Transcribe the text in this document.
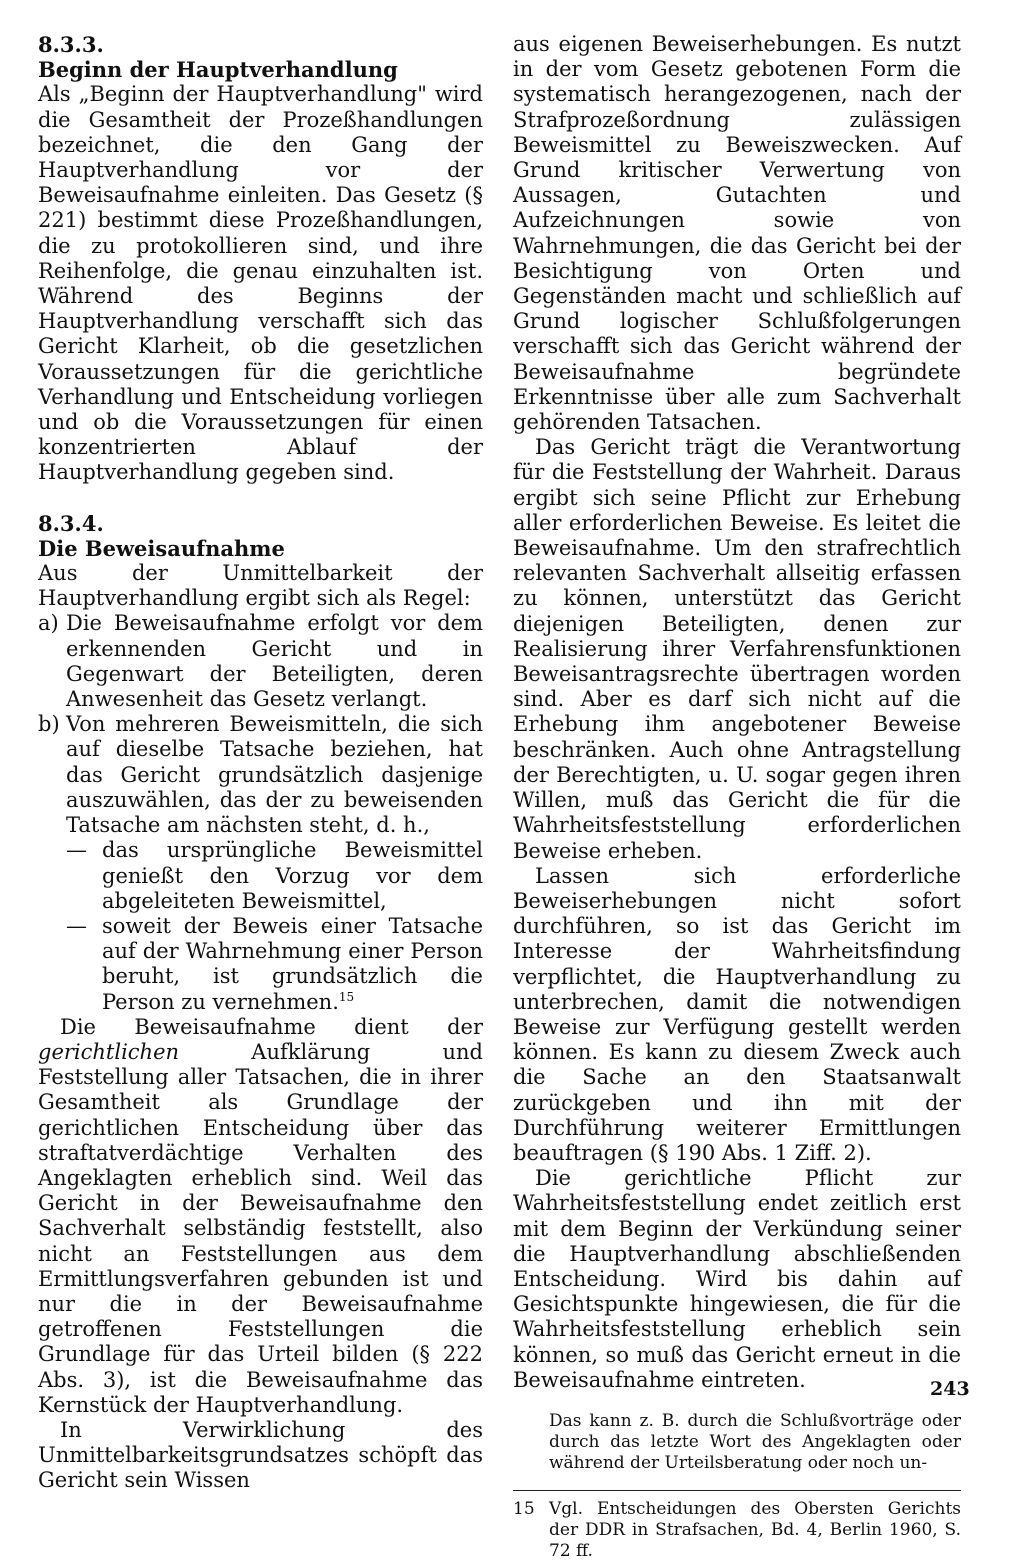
8.3.3.

Beginn der Hauptverhandlung

Als „Beginn der Hauptverhandlung" wird die Gesamtheit der Prozeßhandlungen bezeichnet, die den Gang der Hauptverhandlung vor der Beweisaufnahme einleiten. Das Gesetz (§ 221) bestimmt diese Prozeßhandlungen, die zu protokollieren sind, und ihre Reihenfolge, die genau einzuhalten ist. Während des Beginns der Hauptverhandlung verschafft sich das Gericht Klarheit, ob die gesetzlichen Voraussetzungen für die gerichtliche Verhandlung und Entscheidung vorliegen und ob die Voraussetzungen für einen konzentrierten Ablauf der Hauptverhandlung gegeben sind.

8.3.4.

Die Beweisaufnahme

Aus der Unmittelbarkeit der Hauptverhandlung ergibt sich als Regel:

a) Die Beweisaufnahme erfolgt vor dem erkennenden Gericht und in Gegenwart der Beteiligten, deren Anwesenheit das Gesetz verlangt.
b) Von mehreren Beweismitteln, die sich auf dieselbe Tatsache beziehen, hat das Gericht grundsätzlich dasjenige auszuwählen, das der zu beweisenden Tatsache am nächsten steht, d. h.,
— das ursprüngliche Beweismittel genießt den Vorzug vor dem abgeleiteten Beweismittel,
— soweit der Beweis einer Tatsache auf der Wahrnehmung einer Person beruht, ist grundsätzlich die Person zu vernehmen.$^{15}$

Die Beweisaufnahme dient der gerichtlichen Aufklärung und Feststellung aller Tatsachen, die in ihrer Gesamtheit als Grundlage der gerichtlichen Entscheidung über das straftatverdächtige Verhalten des Angeklagten erheblich sind. Weil das Gericht in der Beweisaufnahme den Sachverhalt selbständig feststellt, also nicht an Feststellungen aus dem Ermittlungsverfahren gebunden ist und nur die in der Beweisaufnahme getroffenen Feststellungen die Grundlage für das Urteil bilden (§ 222 Abs. 3), ist die Beweisaufnahme das Kernstück der Hauptverhandlung.

In Verwirklichung des Unmittelbarkeitsgrundsatzes schöpft das Gericht sein Wissen

aus eigenen Beweiserhebungen. Es nutzt in der vom Gesetz gebotenen Form die systematisch herangezogenen, nach der Strafprozeßordnung zulässigen Beweismittel zu Beweiszwecken. Auf Grund kritischer Verwertung von Aussagen, Gutachten und Aufzeichnungen sowie von Wahrnehmungen, die das Gericht bei der Besichtigung von Orten und Gegenständen macht und schließlich auf Grund logischer Schlußfolgerungen verschafft sich das Gericht während der Beweisaufnahme begründete Erkenntnisse über alle zum Sachverhalt gehörenden Tatsachen.

Das Gericht trägt die Verantwortung für die Feststellung der Wahrheit. Daraus ergibt sich seine Pflicht zur Erhebung aller erforderlichen Beweise. Es leitet die Beweisaufnahme. Um den strafrechtlich relevanten Sachverhalt allseitig erfassen zu können, unterstützt das Gericht diejenigen Beteiligten, denen zur Realisierung ihrer Verfahrensfunktionen Beweisantragsrechte übertragen worden sind. Aber es darf sich nicht auf die Erhebung ihm angebotener Beweise beschränken. Auch ohne Antragstellung der Berechtigten, u. U. sogar gegen ihren Willen, muß das Gericht die für die Wahrheitsfeststellung erforderlichen Beweise erheben.

Lassen sich erforderliche Beweiserhebungen nicht sofort durchführen, so ist das Gericht im Interesse der Wahrheitsfindung verpflichtet, die Hauptverhandlung zu unterbrechen, damit die notwendigen Beweise zur Verfügung gestellt werden können. Es kann zu diesem Zweck auch die Sache an den Staatsanwalt zurückgeben und ihn mit der Durchführung weiterer Ermittlungen beauftragen (§ 190 Abs. 1 Ziff. 2).

Die gerichtliche Pflicht zur Wahrheitsfeststellung endet zeitlich erst mit dem Beginn der Verkündung seiner die Hauptverhandlung abschließenden Entscheidung. Wird bis dahin auf Gesichtspunkte hingewiesen, die für die Wahrheitsfeststellung erheblich sein können, so muß das Gericht erneut in die Beweisaufnahme eintreten.

Das kann z. B. durch die Schlußvorträge oder durch das letzte Wort des Angeklagten oder während der Urteilsberatung oder noch un-

15 Vgl. Entscheidungen des Obersten Gerichts der DDR in Strafsachen, Bd. 4, Berlin 1960, S. 72 ff.
243
